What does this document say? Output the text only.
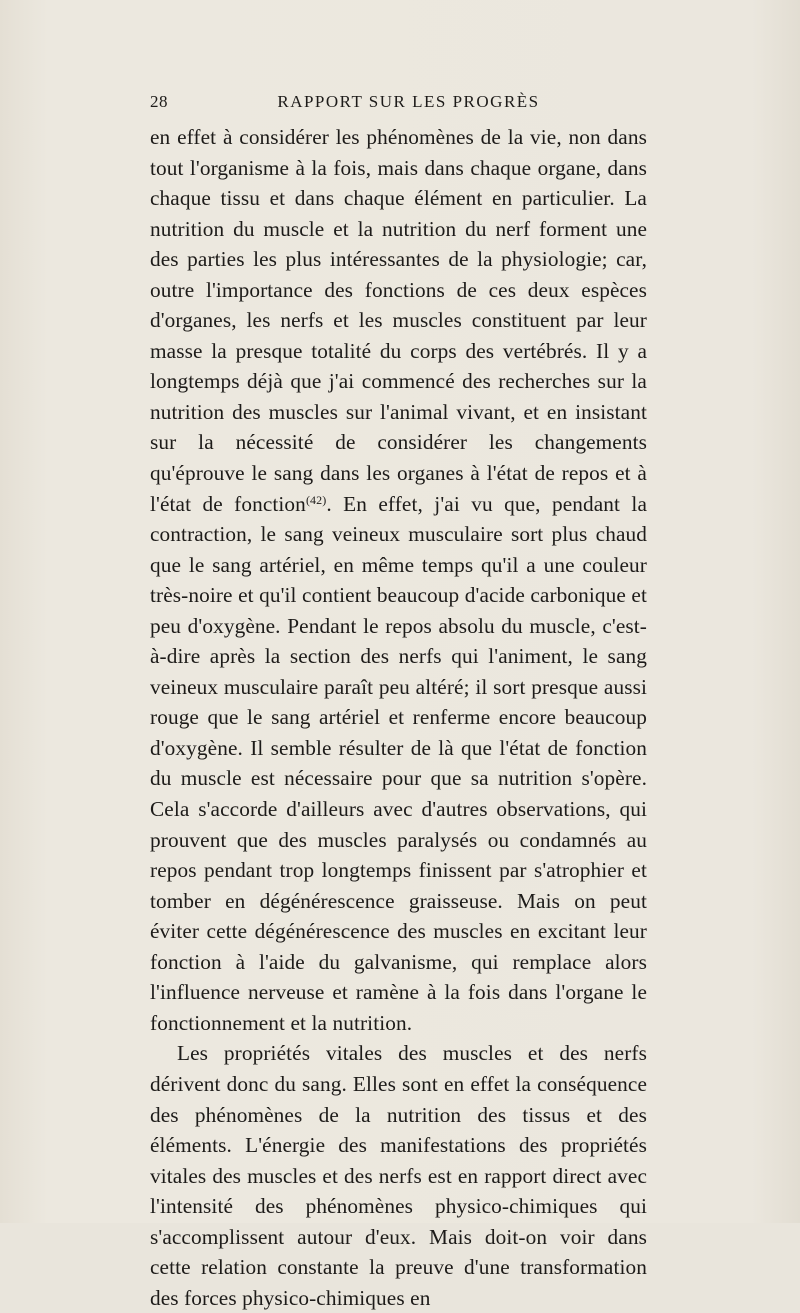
28	RAPPORT SUR LES PROGRÈS

en effet à considérer les phénomènes de la vie, non dans tout l'organisme à la fois, mais dans chaque organe, dans chaque tissu et dans chaque élément en particulier. La nutrition du muscle et la nutrition du nerf forment une des parties les plus intéressantes de la physiologie; car, outre l'importance des fonctions de ces deux espèces d'organes, les nerfs et les muscles constituent par leur masse la presque totalité du corps des vertébrés. Il y a longtemps déjà que j'ai commencé des recherches sur la nutrition des muscles sur l'animal vivant, et en insistant sur la nécessité de considérer les changements qu'éprouve le sang dans les organes à l'état de repos et à l'état de fonction$^{(42)}$. En effet, j'ai vu que, pendant la contraction, le sang veineux musculaire sort plus chaud que le sang artériel, en même temps qu'il a une couleur très-noire et qu'il contient beaucoup d'acide carbonique et peu d'oxygène. Pendant le repos absolu du muscle, c'est-à-dire après la section des nerfs qui l'animent, le sang veineux musculaire paraît peu altéré; il sort presque aussi rouge que le sang artériel et renferme encore beaucoup d'oxygène. Il semble résulter de là que l'état de fonction du muscle est nécessaire pour que sa nutrition s'opère. Cela s'accorde d'ailleurs avec d'autres observations, qui prouvent que des muscles paralysés ou condamnés au repos pendant trop longtemps finissent par s'atrophier et tomber en dégénérescence graisseuse. Mais on peut éviter cette dégénérescence des muscles en excitant leur fonction à l'aide du galvanisme, qui remplace alors l'influence nerveuse et ramène à la fois dans l'organe le fonctionnement et la nutrition.

Les propriétés vitales des muscles et des nerfs dérivent donc du sang. Elles sont en effet la conséquence des phénomènes de la nutrition des tissus et des éléments. L'énergie des manifestations des propriétés vitales des muscles et des nerfs est en rapport direct avec l'intensité des phénomènes physico-chimiques qui s'accomplissent autour d'eux. Mais doit-on voir dans cette relation constante la preuve d'une transformation des forces physico-chimiques en
